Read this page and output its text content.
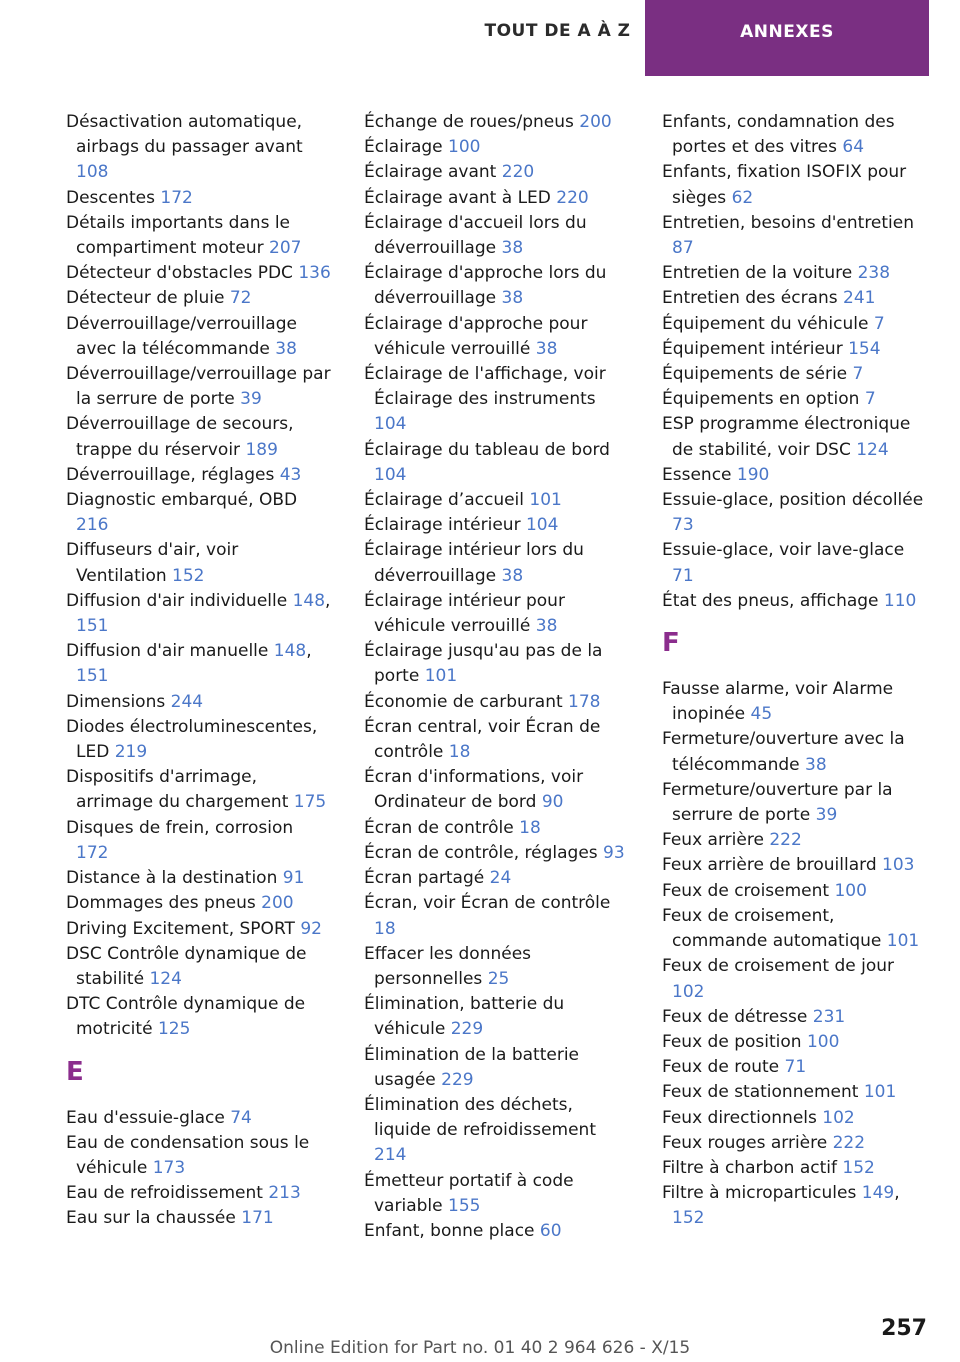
TOUT DE A À Z	ANNEXES
Désactivation automatique, airbags du passager avant 108
Descentes 172
Détails importants dans le compartiment moteur 207
Détecteur d'obstacles PDC 136
Détecteur de pluie 72
Déverrouillage/verrouillage avec la télécommande 38
Déverrouillage/verrouillage par la serrure de porte 39
Déverrouillage de secours, trappe du réservoir 189
Déverrouillage, réglages 43
Diagnostic embarqué, OBD 216
Diffuseurs d'air, voir Ventilation 152
Diffusion d'air individuelle 148, 151
Diffusion d'air manuelle 148, 151
Dimensions 244
Diodes électroluminescentes, LED 219
Dispositifs d'arrimage, arrimage du chargement 175
Disques de frein, corrosion 172
Distance à la destination 91
Dommages des pneus 200
Driving Excitement, SPORT 92
DSC Contrôle dynamique de stabilité 124
DTC Contrôle dynamique de motricité 125
E
Eau d'essuie-glace 74
Eau de condensation sous le véhicule 173
Eau de refroidissement 213
Eau sur la chaussée 171
Échange de roues/pneus 200
Éclairage 100
Éclairage avant 220
Éclairage avant à LED 220
Éclairage d'accueil lors du déverrouillage 38
Éclairage d'approche lors du déverrouillage 38
Éclairage d'approche pour véhicule verrouillé 38
Éclairage de l'affichage, voir Éclairage des instruments 104
Éclairage du tableau de bord 104
Éclairage d’accueil 101
Éclairage intérieur 104
Éclairage intérieur lors du déverrouillage 38
Éclairage intérieur pour véhicule verrouillé 38
Éclairage jusqu'au pas de la porte 101
Économie de carburant 178
Écran central, voir Écran de contrôle 18
Écran d'informations, voir Ordinateur de bord 90
Écran de contrôle 18
Écran de contrôle, réglages 93
Écran partagé 24
Écran, voir Écran de contrôle 18
Effacer les données personnelles 25
Élimination, batterie du véhicule 229
Élimination de la batterie usagée 229
Élimination des déchets, liquide de refroidissement 214
Émetteur portatif à code variable 155
Enfant, bonne place 60
Enfants, condamnation des portes et des vitres 64
Enfants, fixation ISOFIX pour sièges 62
Entretien, besoins d'entretien 87
Entretien de la voiture 238
Entretien des écrans 241
Équipement du véhicule 7
Équipement intérieur 154
Équipements de série 7
Équipements en option 7
ESP programme électronique de stabilité, voir DSC 124
Essence 190
Essuie-glace, position décollée 73
Essuie-glace, voir lave-glace 71
État des pneus, affichage 110
F
Fausse alarme, voir Alarme inopinée 45
Fermeture/ouverture avec la télécommande 38
Fermeture/ouverture par la serrure de porte 39
Feux arrière 222
Feux arrière de brouillard 103
Feux de croisement 100
Feux de croisement, commande automatique 101
Feux de croisement de jour 102
Feux de détresse 231
Feux de position 100
Feux de route 71
Feux de stationnement 101
Feux directionnels 102
Feux rouges arrière 222
Filtre à charbon actif 152
Filtre à microparticules 149, 152
257
Online Edition for Part no. 01 40 2 964 626 - X/15
